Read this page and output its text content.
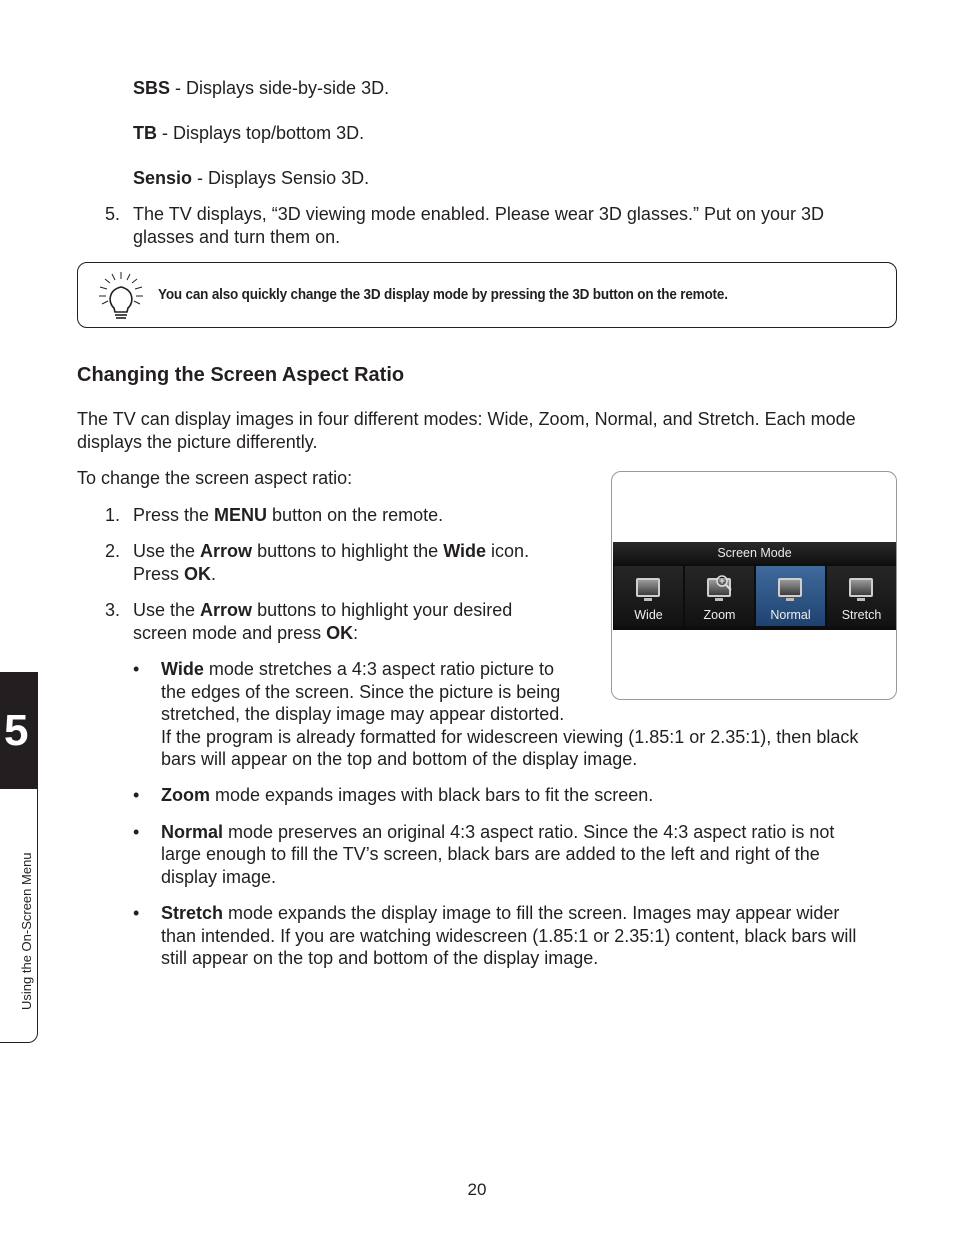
SBS - Displays side-by-side 3D.
TB - Displays top/bottom 3D.
Sensio - Displays Sensio 3D.
5. The TV displays, “3D viewing mode enabled. Please wear 3D glasses.” Put on your 3D
glasses and turn them on.
You can also quickly change the 3D display mode by pressing the 3D button on the remote.
Changing the Screen Aspect Ratio
The TV can display images in four different modes: Wide, Zoom, Normal, and Stretch. Each mode
displays the picture differently.
To change the screen aspect ratio:
1. Press the MENU button on the remote.
2. Use the Arrow buttons to highlight the Wide icon.
Press OK.
3. Use the Arrow buttons to highlight your desired
screen mode and press OK:
• Wide mode stretches a 4:3 aspect ratio picture to
the edges of the screen. Since the picture is being
stretched, the display image may appear distorted.
If the program is already formatted for widescreen viewing (1.85:1 or 2.35:1), then black
bars will appear on the top and bottom of the display image.
• Zoom mode expands images with black bars to fit the screen.
• Normal mode preserves an original 4:3 aspect ratio. Since the 4:3 aspect ratio is not
large enough to fill the TV’s screen, black bars are added to the left and right of the
display image.
• Stretch mode expands the display image to fill the screen. Images may appear wider
than intended. If you are watching widescreen (1.85:1 or 2.35:1) content, black bars will
still appear on the top and bottom of the display image.
Screen Mode
Wide	Zoom	Normal	Stretch
5
Using the On-Screen Menu
20
